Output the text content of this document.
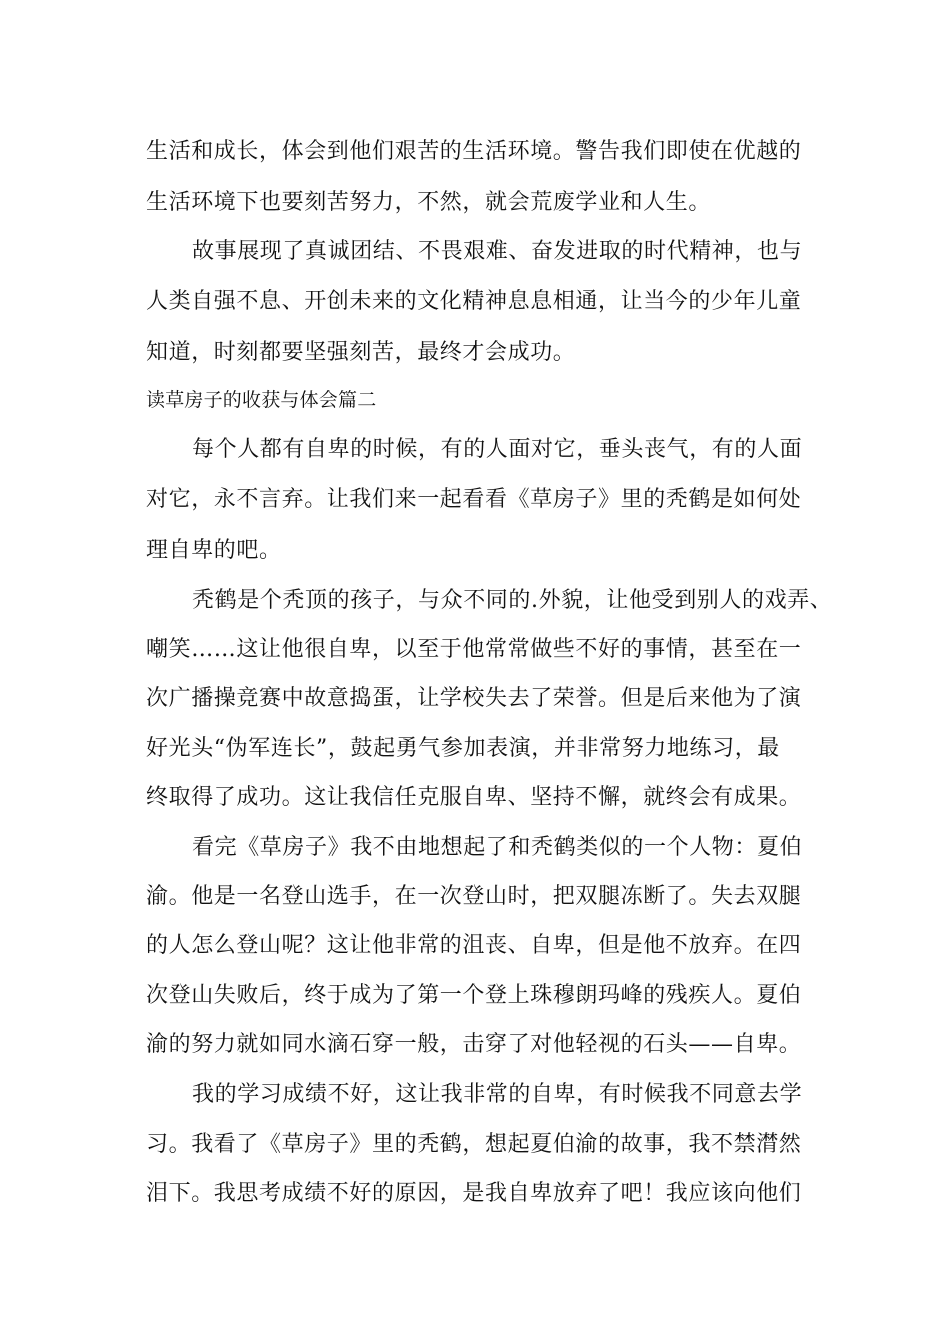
生活和成长，体会到他们艰苦的生活环境。警告我们即使在优越的
生活环境下也要刻苦努力，不然，就会荒废学业和人生。
故事展现了真诚团结、不畏艰难、奋发进取的时代精神，也与
人类自强不息、开创未来的文化精神息息相通，让当今的少年儿童
知道，时刻都要坚强刻苦，最终才会成功。
读草房子的收获与体会篇二
每个人都有自卑的时候，有的人面对它，垂头丧气，有的人面
对它，永不言弃。让我们来一起看看《草房子》里的秃鹤是如何处
理自卑的吧。
秃鹤是个秃顶的孩子，与众不同的.外貌，让他受到别人的戏弄、
嘲笑……这让他很自卑，以至于他常常做些不好的事情，甚至在一
次广播操竞赛中故意捣蛋，让学校失去了荣誉。但是后来他为了演
好光头“伪军连长”，鼓起勇气参加表演，并非常努力地练习，最
终取得了成功。这让我信任克服自卑、坚持不懈，就终会有成果。
看完《草房子》我不由地想起了和秃鹤类似的一个人物：夏伯
渝。他是一名登山选手，在一次登山时，把双腿冻断了。失去双腿
的人怎么登山呢？这让他非常的沮丧、自卑，但是他不放弃。在四
次登山失败后，终于成为了第一个登上珠穆朗玛峰的残疾人。夏伯
渝的努力就如同水滴石穿一般，击穿了对他轻视的石头——自卑。
我的学习成绩不好，这让我非常的自卑，有时候我不同意去学
习。我看了《草房子》里的秃鹤，想起夏伯渝的故事，我不禁潸然
泪下。我思考成绩不好的原因，是我自卑放弃了吧！我应该向他们
